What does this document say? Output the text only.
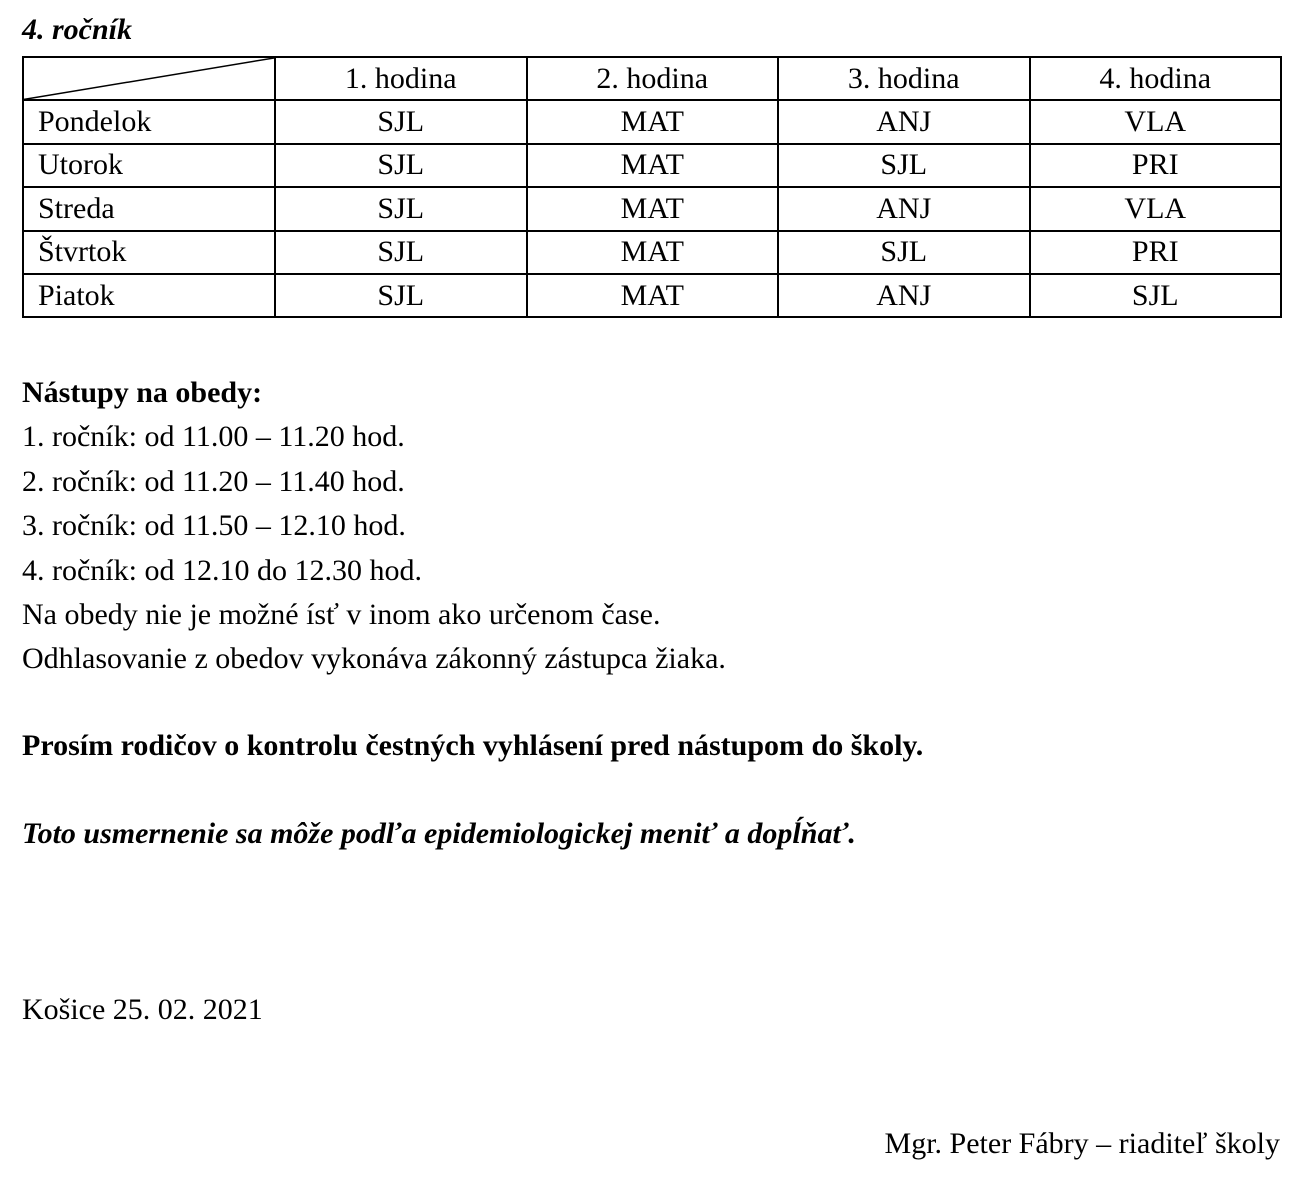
4. ročník
	1. hodina	2. hodina	3. hodina	4. hodina
Pondelok	SJL	MAT	ANJ	VLA
Utorok	SJL	MAT	SJL	PRI
Streda	SJL	MAT	ANJ	VLA
Štvrtok	SJL	MAT	SJL	PRI
Piatok	SJL	MAT	ANJ	SJL
Nástupy na obedy:
1. ročník: od 11.00 – 11.20 hod.
2. ročník: od 11.20 – 11.40 hod.
3. ročník: od 11.50 – 12.10 hod.
4. ročník: od 12.10 do 12.30 hod.
Na obedy nie je možné ísť v inom ako určenom čase.
Odhlasovanie z obedov vykonáva zákonný zástupca žiaka.
Prosím rodičov o kontrolu čestných vyhlásení pred nástupom do školy.
Toto usmernenie sa môže podľa epidemiologickej meniť a dopĺňať.
Košice 25. 02. 2021
Mgr. Peter Fábry – riaditeľ školy
